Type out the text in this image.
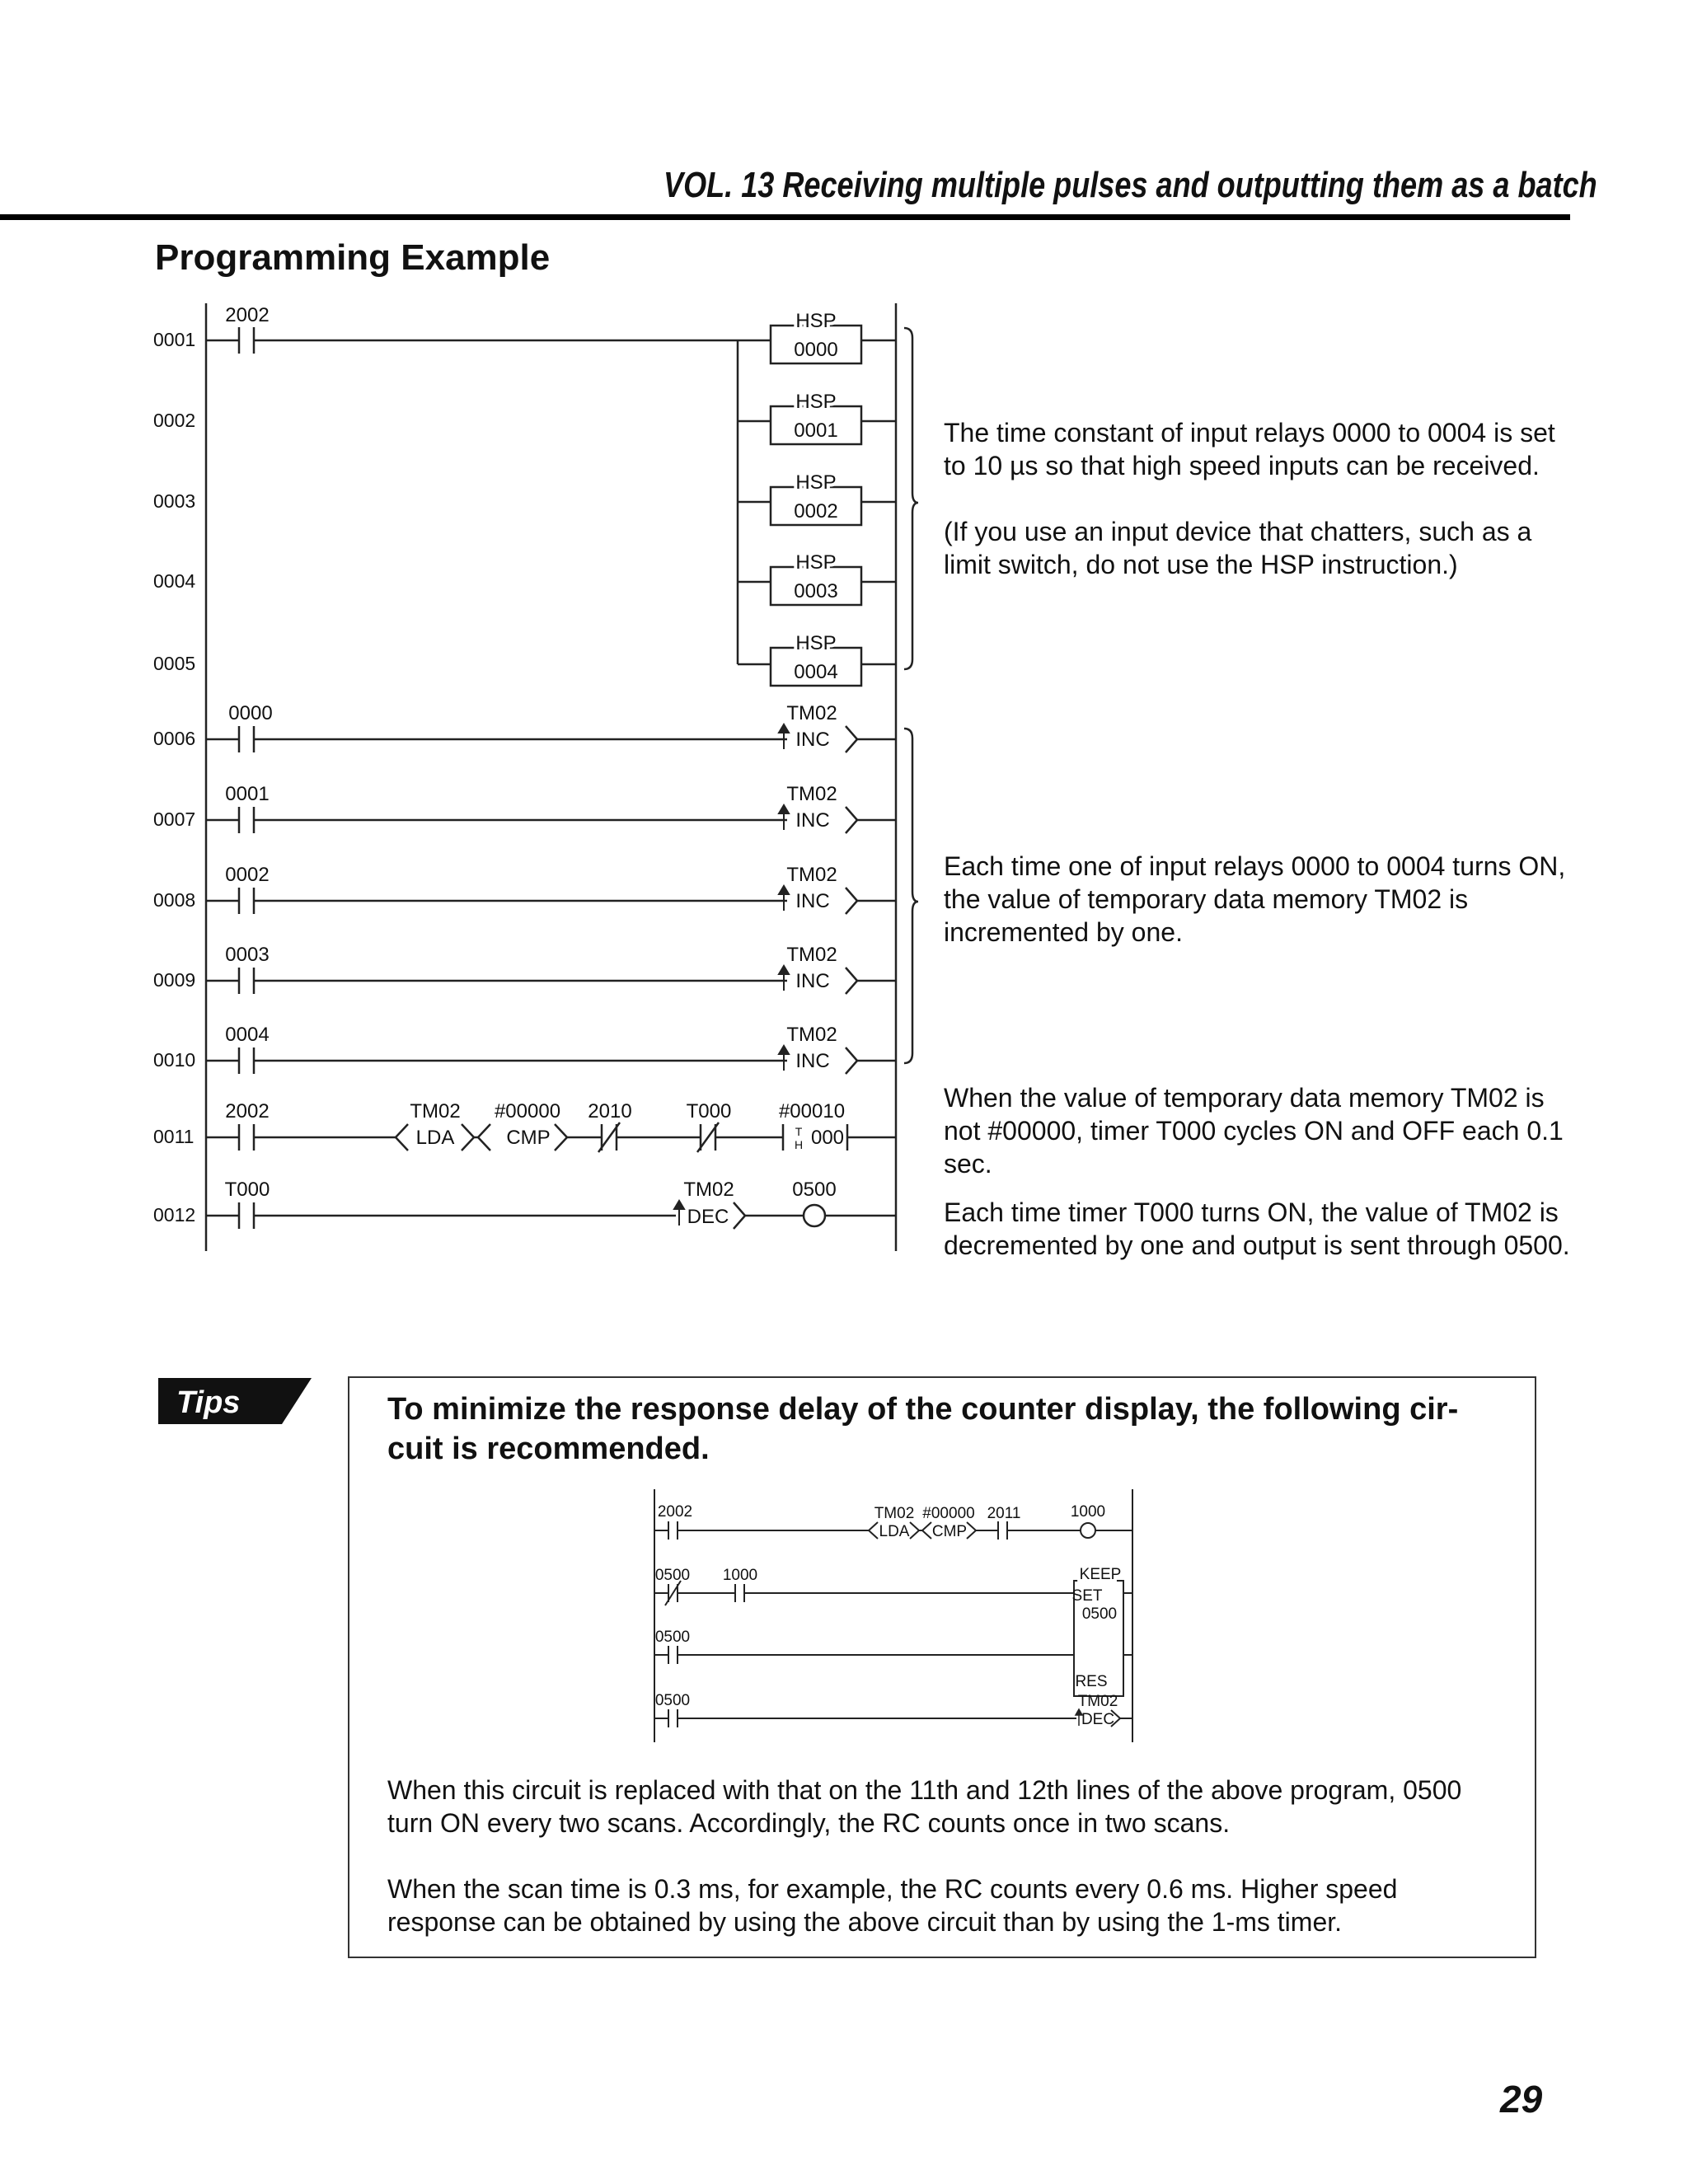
VOL. 13 Receiving multiple pulses and outputting them as a batch
Programming Example
0001
0002
0003
0004
0005
0006
0007
0008
0009
0010
0011
0012
2002	HSP
0000
HSP
0001
HSP
0002
HSP
0003
HSP
0004
0000	TM02
INC
0001	TM02
INC
0002	TM02
INC
0003	TM02
INC
0004	TM02
INC
2002	TM02
LDA
#00000
CMP
2010	T000 #00010
000
T
H
T000	TM02
DEC
0500

The time constant of input relays 0000 to 0004 is set to 10 µs so that high speed inputs can be received.

(If you use an input device that chatters, such as a limit switch, do not use the HSP instruction.)

Each time one of input relays 0000 to 0004 turns ON, the value of temporary data memory TM02 is incremented by one.

When the value of temporary data memory TM02 is not #00000, timer T000 cycles ON and OFF each 0.1 sec.

Each time timer T000 turns ON, the value of TM02 is decremented by one and output is sent through 0500.

Tips	To minimize the response delay of the counter display, the following cir-
cuit is recommended.

2002	TM02
LDA
#00000
CMP
2011	1000
0500 1000	KEEP
SET
0500
0500
RES
0500	TM02
DEC

When this circuit is replaced with that on the 11th and 12th lines of the above program, 0500 turn ON every two scans. Accordingly, the RC counts once in two scans.

When the scan time is 0.3 ms, for example, the RC counts every 0.6 ms. Higher speed response can be obtained by using the above circuit than by using the 1-ms timer.

29
